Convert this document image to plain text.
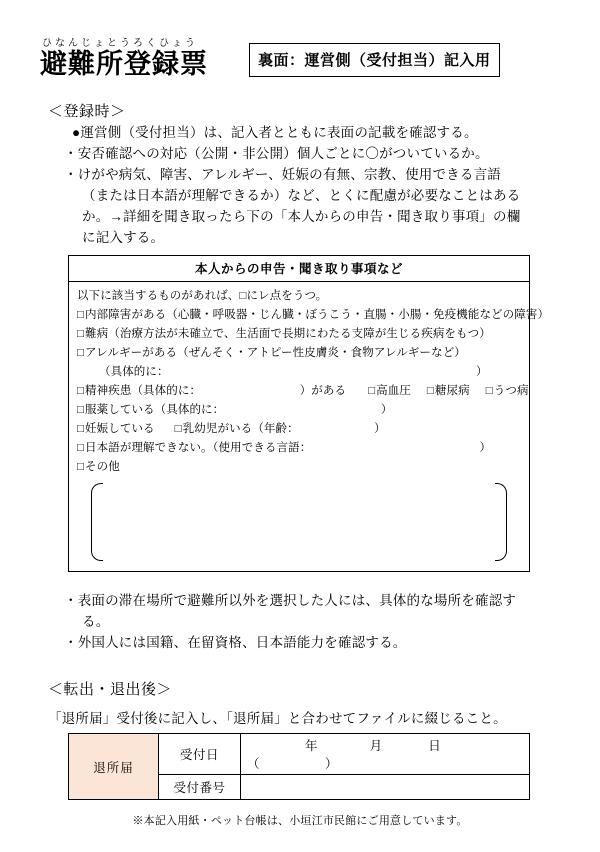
ひなんじょとうろくひょう
避難所登録票	裏面：運営側（受付担当）記入用
＜登録時＞
●運営側（受付担当）は、記入者とともに表面の記載を確認する。
・安否確認への対応（公開・非公開）個人ごとに〇がついているか。
・けがや病気、障害、アレルギー、妊娠の有無、宗教、使用できる言語
（または日本語が理解できるか）など、とくに配慮が必要なことはある
か。→詳細を聞き取ったら下の「本人からの申告・聞き取り事項」の欄
に記入する。
本人からの申告・聞き取り事項など
以下に該当するものがあれば、□にレ点をうつ。
□ 内部障害がある（心臓・呼吸器・じん臓・ぼうこう・直腸・小腸・免疫機能などの障害）
□ 難病（治療方法が未確立で、生活面で長期にわたる支障が生じる疾病をもつ）
□ アレルギーがある（ぜんそく・アトピー性皮膚炎・食物アレルギーなど）
（具体的に：　　　　　　　　　　　　　　　　　　　　　　　　　　　）
□ 精神疾患（具体的に：　　　　　　　　　）がある □	高血圧 □ 糖尿病 □ うつ病
□ 服薬している（具体的に：　　　　　　　　　　　　　　）
□ 妊娠している □ 乳幼児がいる（年齢：　　　　　　　）
□ 日本語が理解できない。（使用できる言語：　　　　　　　　　　　　　　　）
□ その他
・表面の滞在場所で避難所以外を選択した人には、具体的な場所を確認す
る。
・外国人には国籍、在留資格、日本語能力を確認する。
＜転出・退出後＞
「退所届」受付後に記入し、「退所届」と合わせてファイルに綴じること。
退所届	受付日	年 月 日（　　　　　）
	受付番号	
※本記入用紙・ペット台帳は、小垣江市民館にご用意しています。
